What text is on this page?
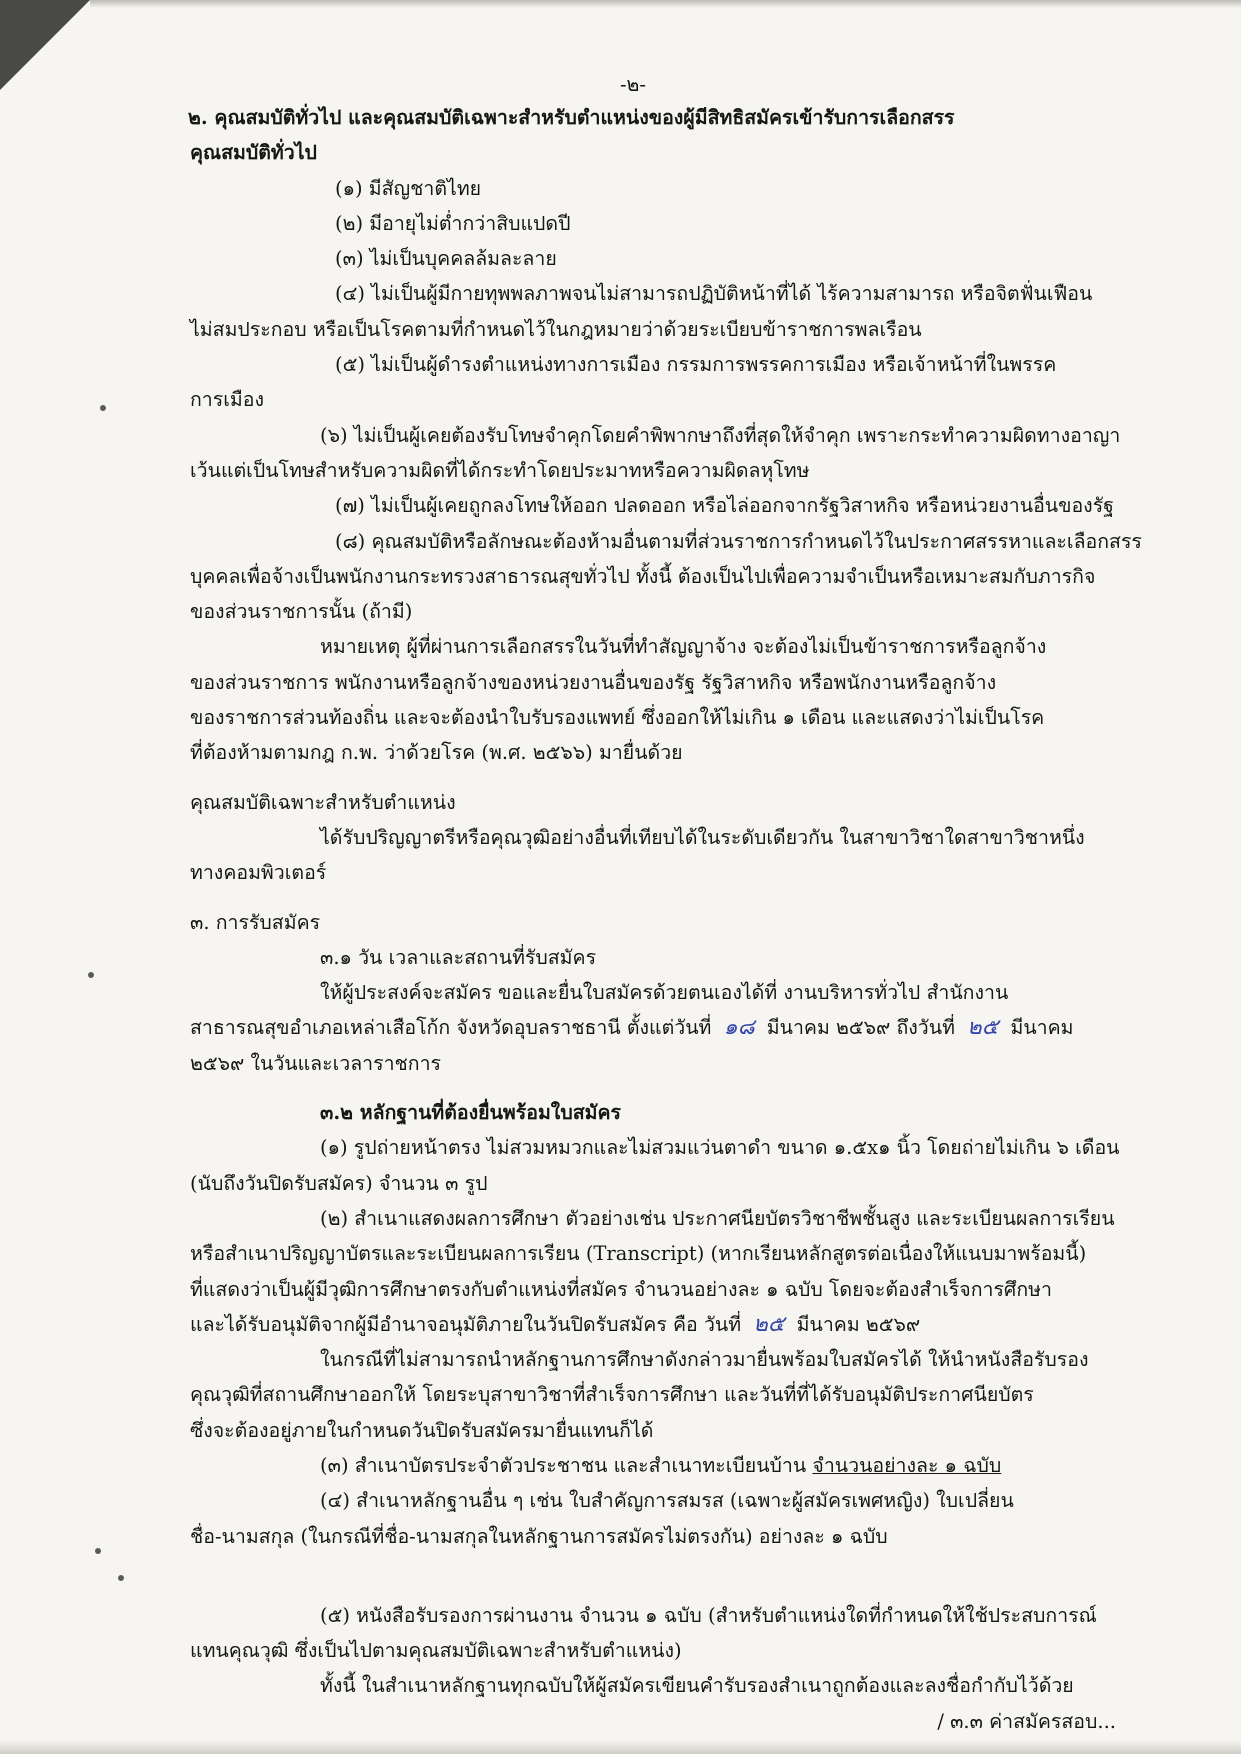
-๒-
๒. คุณสมบัติทั่วไป และคุณสมบัติเฉพาะสำหรับตำแหน่งของผู้มีสิทธิสมัครเข้ารับการเลือกสรร
คุณสมบัติทั่วไป
(๑) มีสัญชาติไทย
(๒) มีอายุไม่ต่ำกว่าสิบแปดปี
(๓) ไม่เป็นบุคคลล้มละลาย
(๔) ไม่เป็นผู้มีกายทุพพลภาพจนไม่สามารถปฏิบัติหน้าที่ได้ ไร้ความสามารถ หรือจิตฟั่นเฟือน
ไม่สมประกอบ หรือเป็นโรคตามที่กำหนดไว้ในกฎหมายว่าด้วยระเบียบข้าราชการพลเรือน
(๕) ไม่เป็นผู้ดำรงตำแหน่งทางการเมือง กรรมการพรรคการเมือง หรือเจ้าหน้าที่ในพรรค
การเมือง
(๖) ไม่เป็นผู้เคยต้องรับโทษจำคุกโดยคำพิพากษาถึงที่สุดให้จำคุก เพราะกระทำความผิดทางอาญา
เว้นแต่เป็นโทษสำหรับความผิดที่ได้กระทำโดยประมาทหรือความผิดลหุโทษ
(๗) ไม่เป็นผู้เคยถูกลงโทษให้ออก ปลดออก หรือไล่ออกจากรัฐวิสาหกิจ หรือหน่วยงานอื่นของรัฐ
(๘) คุณสมบัติหรือลักษณะต้องห้ามอื่นตามที่ส่วนราชการกำหนดไว้ในประกาศสรรหาและเลือกสรร
บุคคลเพื่อจ้างเป็นพนักงานกระทรวงสาธารณสุขทั่วไป ทั้งนี้ ต้องเป็นไปเพื่อความจำเป็นหรือเหมาะสมกับภารกิจ
ของส่วนราชการนั้น (ถ้ามี)
หมายเหตุ ผู้ที่ผ่านการเลือกสรรในวันที่ทำสัญญาจ้าง จะต้องไม่เป็นข้าราชการหรือลูกจ้าง
ของส่วนราชการ พนักงานหรือลูกจ้างของหน่วยงานอื่นของรัฐ รัฐวิสาหกิจ หรือพนักงานหรือลูกจ้าง
ของราชการส่วนท้องถิ่น และจะต้องนำใบรับรองแพทย์ ซึ่งออกให้ไม่เกิน ๑ เดือน และแสดงว่าไม่เป็นโรค
ที่ต้องห้ามตามกฎ ก.พ. ว่าด้วยโรค (พ.ศ. ๒๕๖๖) มายื่นด้วย
คุณสมบัติเฉพาะสำหรับตำแหน่ง
ได้รับปริญญาตรีหรือคุณวุฒิอย่างอื่นที่เทียบได้ในระดับเดียวกัน ในสาขาวิชาใดสาขาวิชาหนึ่ง
ทางคอมพิวเตอร์
๓. การรับสมัคร
๓.๑ วัน เวลาและสถานที่รับสมัคร
ให้ผู้ประสงค์จะสมัคร ขอและยื่นใบสมัครด้วยตนเองได้ที่ งานบริหารทั่วไป สำนักงาน
สาธารณสุขอำเภอเหล่าเสือโก้ก จังหวัดอุบลราชธานี ตั้งแต่วันที่ ๑๘ มีนาคม ๒๕๖๙ ถึงวันที่ ๒๕ มีนาคม
๒๕๖๙ ในวันและเวลาราชการ
๓.๒ หลักฐานที่ต้องยื่นพร้อมใบสมัคร
(๑) รูปถ่ายหน้าตรง ไม่สวมหมวกและไม่สวมแว่นตาดำ ขนาด ๑.๕x๑ นิ้ว โดยถ่ายไม่เกิน ๖ เดือน
(นับถึงวันปิดรับสมัคร) จำนวน ๓ รูป
(๒) สำเนาแสดงผลการศึกษา ตัวอย่างเช่น ประกาศนียบัตรวิชาชีพชั้นสูง และระเบียนผลการเรียน
หรือสำเนาปริญญาบัตรและระเบียนผลการเรียน (Transcript) (หากเรียนหลักสูตรต่อเนื่องให้แนบมาพร้อมนี้)
ที่แสดงว่าเป็นผู้มีวุฒิการศึกษาตรงกับตำแหน่งที่สมัคร จำนวนอย่างละ ๑ ฉบับ โดยจะต้องสำเร็จการศึกษา
และได้รับอนุมัติจากผู้มีอำนาจอนุมัติภายในวันปิดรับสมัคร คือ วันที่ ๒๕ มีนาคม ๒๕๖๙
ในกรณีที่ไม่สามารถนำหลักฐานการศึกษาดังกล่าวมายื่นพร้อมใบสมัครได้ ให้นำหนังสือรับรอง
คุณวุฒิที่สถานศึกษาออกให้ โดยระบุสาขาวิชาที่สำเร็จการศึกษา และวันที่ที่ได้รับอนุมัติประกาศนียบัตร
ซึ่งจะต้องอยู่ภายในกำหนดวันปิดรับสมัครมายื่นแทนก็ได้
(๓) สำเนาบัตรประจำตัวประชาชน และสำเนาทะเบียนบ้าน จำนวนอย่างละ ๑ ฉบับ
(๔) สำเนาหลักฐานอื่น ๆ เช่น ใบสำคัญการสมรส (เฉพาะผู้สมัครเพศหญิง) ใบเปลี่ยน
ชื่อ-นามสกุล (ในกรณีที่ชื่อ-นามสกุลในหลักฐานการสมัครไม่ตรงกัน) อย่างละ ๑ ฉบับ
(๕) หนังสือรับรองการผ่านงาน จำนวน ๑ ฉบับ (สำหรับตำแหน่งใดที่กำหนดให้ใช้ประสบการณ์
แทนคุณวุฒิ ซึ่งเป็นไปตามคุณสมบัติเฉพาะสำหรับตำแหน่ง)
ทั้งนี้ ในสำเนาหลักฐานทุกฉบับให้ผู้สมัครเขียนคำรับรองสำเนาถูกต้องและลงชื่อกำกับไว้ด้วย
/ ๓.๓ ค่าสมัครสอบ...
